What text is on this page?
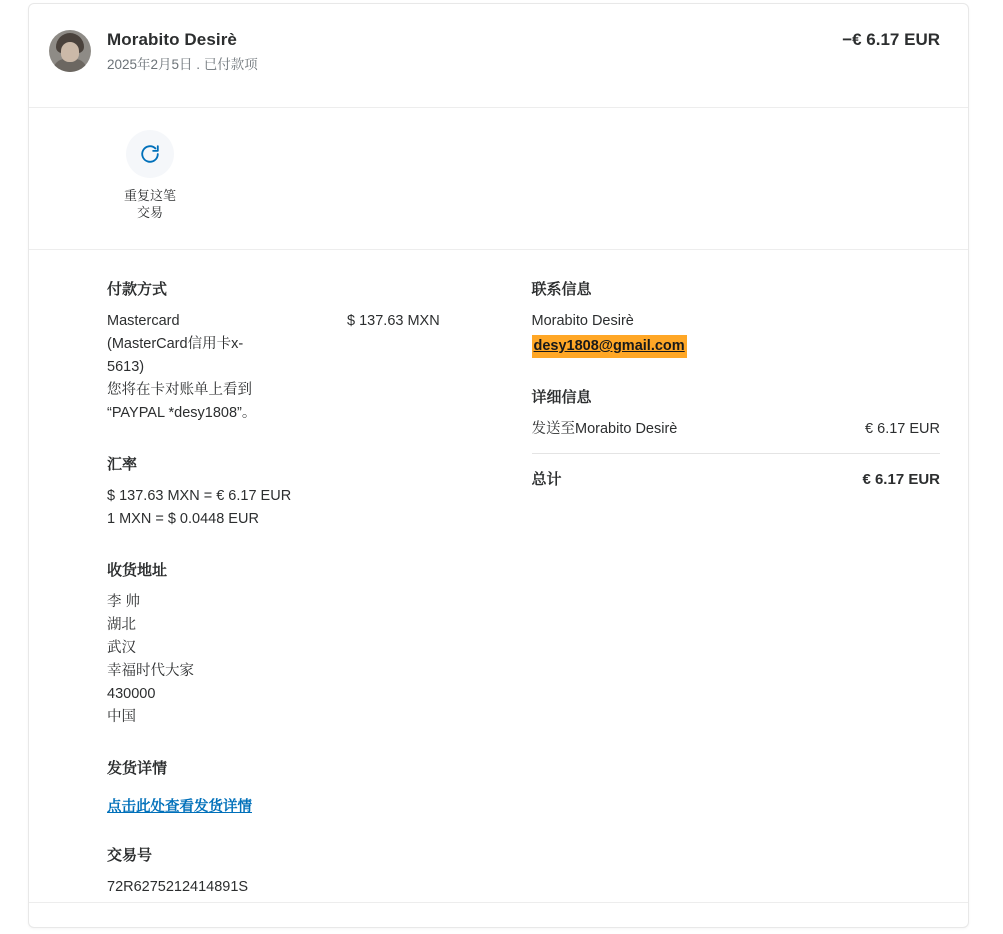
Morabito Desirè
2025年2月5日 . 已付款项
−€ 6.17 EUR
重复这笔
交易
付款方式
Mastercard
(MasterCard信用卡x-
5613)
您将在卡对账单上看到
“PAYPAL *desy1808”。
$ 137.63 MXN
汇率
$ 137.63 MXN = € 6.17 EUR
1 MXN = $ 0.0448 EUR
收货地址
李 帅
湖北
武汉
幸福时代大家
430000
中国
发货详情
点击此处查看发货详情
交易号
72R6275212414891S
联系信息
Morabito Desirè
desy1808@gmail.com
详细信息
发送至Morabito Desirè	€ 6.17 EUR
总计	€ 6.17 EUR
